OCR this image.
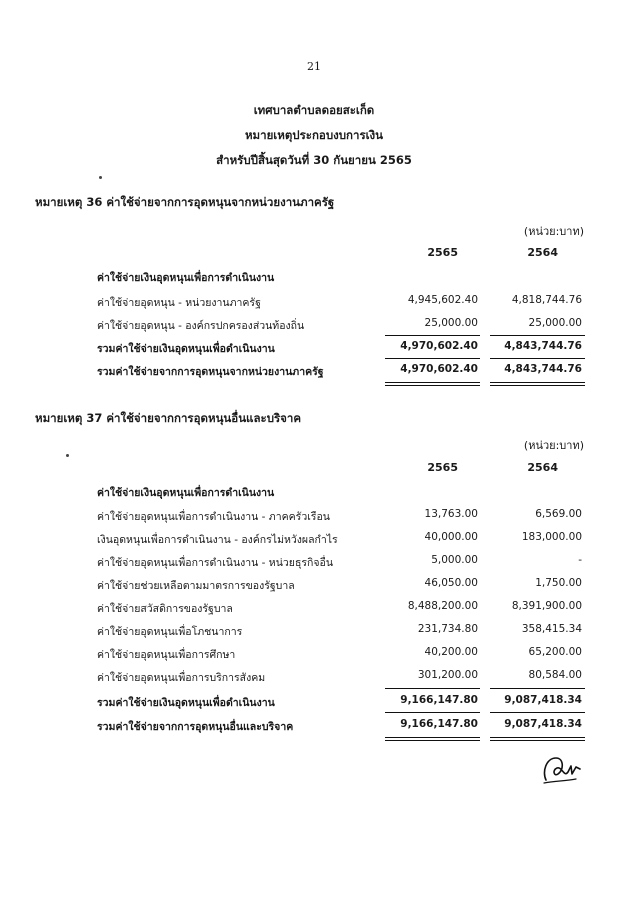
21
เทศบาลตำบลดอยสะเก็ด
หมายเหตุประกอบงบการเงิน
สำหรับปีสิ้นสุดวันที่ 30 กันยายน 2565
หมายเหตุ 36 ค่าใช้จ่ายจากการอุดหนุนจากหน่วยงานภาครัฐ
(หน่วย:บาท)
2565	2564
ค่าใช้จ่ายเงินอุดหนุนเพื่อการดำเนินงาน
ค่าใช้จ่ายอุดหนุน - หน่วยงานภาครัฐ	4,945,602.40	4,818,744.76
ค่าใช้จ่ายอุดหนุน - องค์กรปกครองส่วนท้องถิ่น	25,000.00	25,000.00
รวมค่าใช้จ่ายเงินอุดหนุนเพื่อดำเนินงาน	4,970,602.40	4,843,744.76
รวมค่าใช้จ่ายจากการอุดหนุนจากหน่วยงานภาครัฐ	4,970,602.40	4,843,744.76
หมายเหตุ 37 ค่าใช้จ่ายจากการอุดหนุนอื่นและบริจาค
(หน่วย:บาท)
2565	2564
ค่าใช้จ่ายเงินอุดหนุนเพื่อการดำเนินงาน
ค่าใช้จ่ายอุดหนุนเพื่อการดำเนินงาน - ภาคครัวเรือน	13,763.00	6,569.00
เงินอุดหนุนเพื่อการดำเนินงาน - องค์กรไม่หวังผลกำไร	40,000.00	183,000.00
ค่าใช้จ่ายอุดหนุนเพื่อการดำเนินงาน - หน่วยธุรกิจอื่น	5,000.00	-
ค่าใช้จ่ายช่วยเหลือตามมาตรการของรัฐบาล	46,050.00	1,750.00
ค่าใช้จ่ายสวัสดิการของรัฐบาล	8,488,200.00	8,391,900.00
ค่าใช้จ่ายอุดหนุนเพื่อโภชนาการ	231,734.80	358,415.34
ค่าใช้จ่ายอุดหนุนเพื่อการศึกษา	40,200.00	65,200.00
ค่าใช้จ่ายอุดหนุนเพื่อการบริการสังคม	301,200.00	80,584.00
รวมค่าใช้จ่ายเงินอุดหนุนเพื่อดำเนินงาน	9,166,147.80	9,087,418.34
รวมค่าใช้จ่ายจากการอุดหนุนอื่นและบริจาค	9,166,147.80	9,087,418.34
